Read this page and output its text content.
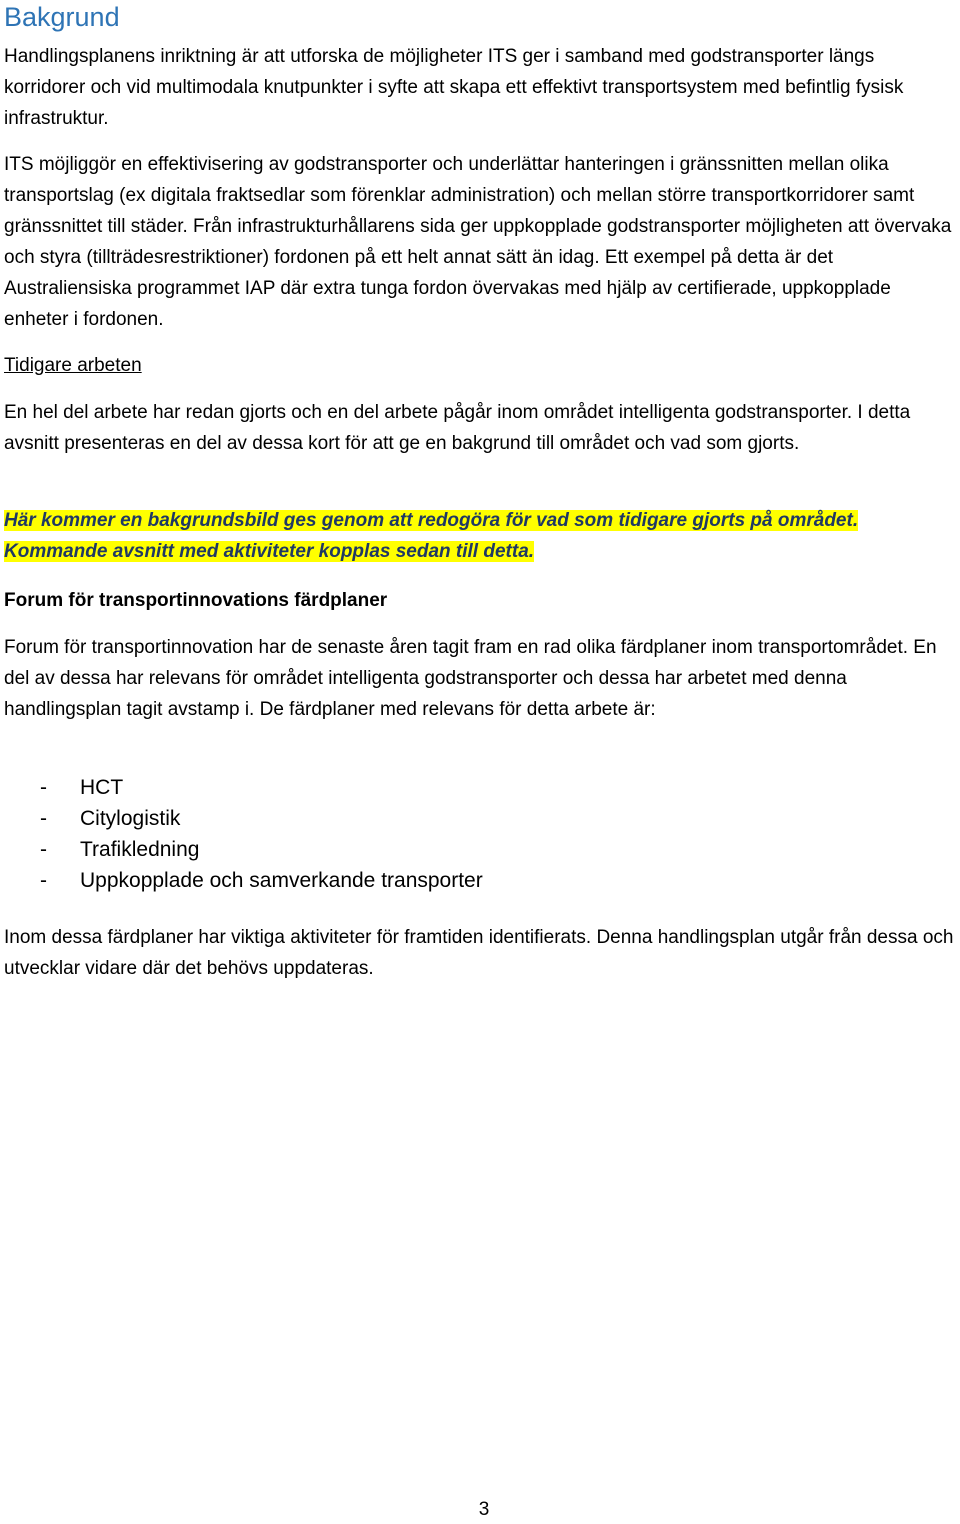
Bakgrund

Handlingsplanens inriktning är att utforska de möjligheter ITS ger i samband med godstransporter längs korridorer och vid multimodala knutpunkter i syfte att skapa ett effektivt transportsystem med befintlig fysisk infrastruktur.

ITS möjliggör en effektivisering av godstransporter och underlättar hanteringen i gränssnitten mellan olika transportslag (ex digitala fraktsedlar som förenklar administration) och mellan större transportkorridorer samt gränssnittet till städer. Från infrastrukturhållarens sida ger uppkopplade godstransporter möjligheten att övervaka och styra (tillträdesrestriktioner) fordonen på ett helt annat sätt än idag. Ett exempel på detta är det Australiensiska programmet IAP där extra tunga fordon övervakas med hjälp av certifierade, uppkopplade enheter i fordonen.

Tidigare arbeten

En hel del arbete har redan gjorts och en del arbete pågår inom området intelligenta godstransporter. I detta avsnitt presenteras en del av dessa kort för att ge en bakgrund till området och vad som gjorts.

Här kommer en bakgrundsbild ges genom att redogöra för vad som tidigare gjorts på området. Kommande avsnitt med aktiviteter kopplas sedan till detta.

Forum för transportinnovations färdplaner

Forum för transportinnovation har de senaste åren tagit fram en rad olika färdplaner inom transportområdet. En del av dessa har relevans för området intelligenta godstransporter och dessa har arbetet med denna handlingsplan tagit avstamp i. De färdplaner med relevans för detta arbete är:

- HCT
- Citylogistik
- Trafikledning
- Uppkopplade och samverkande transporter

Inom dessa färdplaner har viktiga aktiviteter för framtiden identifierats. Denna handlingsplan utgår från dessa och utvecklar vidare där det behövs uppdateras.

3
